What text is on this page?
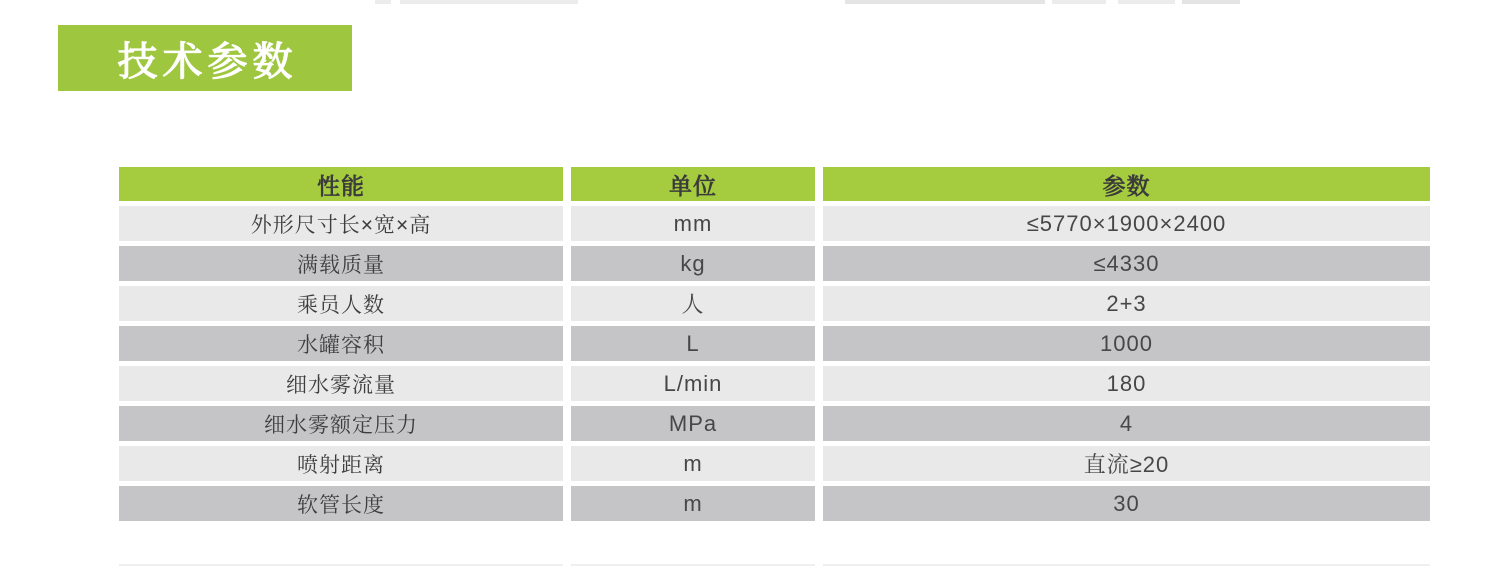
技术参数
性能	单位	参数
外形尺寸长×宽×高	mm	≤5770×1900×2400
满载质量	kg	≤4330
乘员人数	人	2+3
水罐容积	L	1000
细水雾流量	L/min	180
细水雾额定压力	MPa	4
喷射距离	m	直流≥20
软管长度	m	30
